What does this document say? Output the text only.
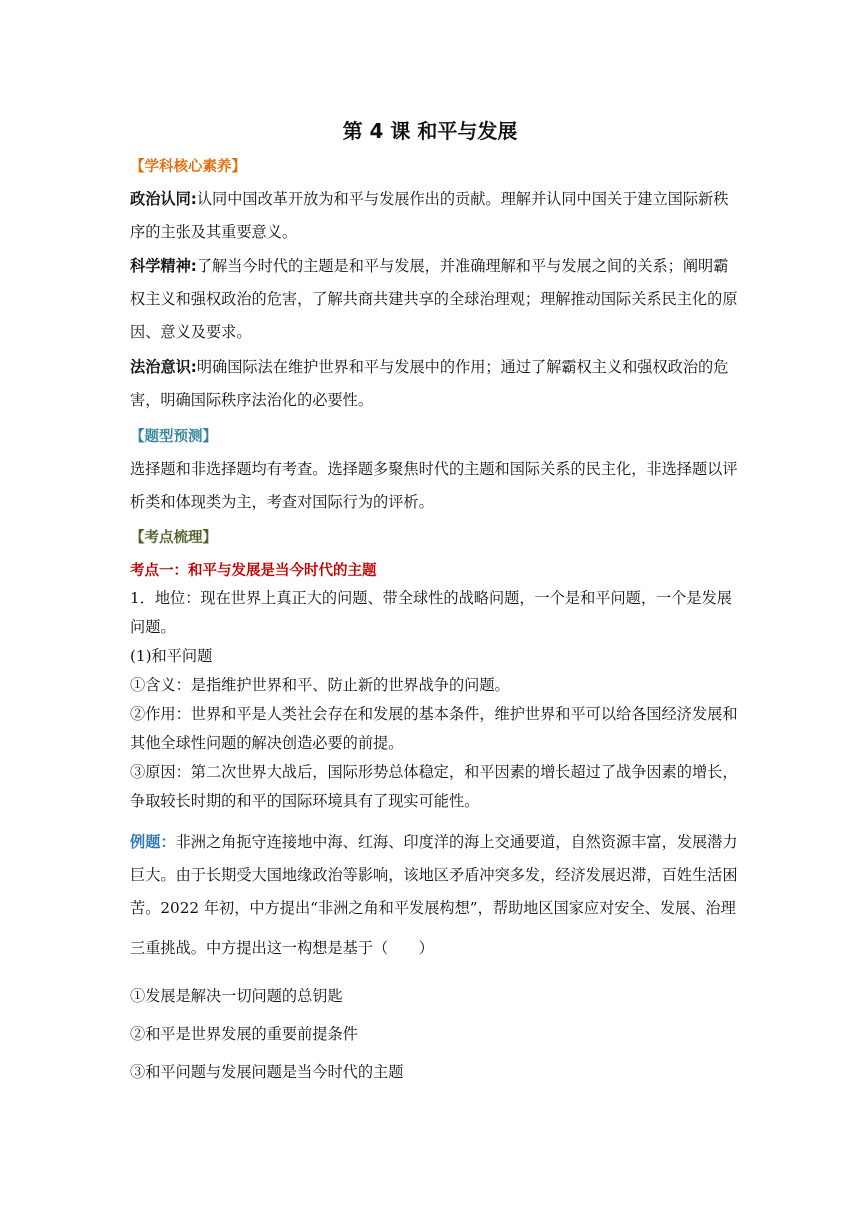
第 4 课 和平与发展
【学科核心素养】
政治认同:认同中国改革开放为和平与发展作出的贡献。理解并认同中国关于建立国际新秩序的主张及其重要意义。
科学精神:了解当今时代的主题是和平与发展，并准确理解和平与发展之间的关系；阐明霸权主义和强权政治的危害，了解共商共建共享的全球治理观；理解推动国际关系民主化的原因、意义及要求。
法治意识:明确国际法在维护世界和平与发展中的作用；通过了解霸权主义和强权政治的危害，明确国际秩序法治化的必要性。
【题型预测】
选择题和非选择题均有考查。选择题多聚焦时代的主题和国际关系的民主化，非选择题以评析类和体现类为主，考查对国际行为的评析。
【考点梳理】
考点一：和平与发展是当今时代的主题
1．地位：现在世界上真正大的问题、带全球性的战略问题，一个是和平问题，一个是发展问题。
(1)和平问题
①含义：是指维护世界和平、防止新的世界战争的问题。
②作用：世界和平是人类社会存在和发展的基本条件，维护世界和平可以给各国经济发展和其他全球性问题的解决创造必要的前提。
③原因：第二次世界大战后，国际形势总体稳定，和平因素的增长超过了战争因素的增长，争取较长时期的和平的国际环境具有了现实可能性。
例题：非洲之角扼守连接地中海、红海、印度洋的海上交通要道，自然资源丰富，发展潜力巨大。由于长期受大国地缘政治等影响，该地区矛盾冲突多发，经济发展迟滞，百姓生活困苦。2022 年初，中方提出“非洲之角和平发展构想”，帮助地区国家应对安全、发展、治理
三重挑战。中方提出这一构想是基于（　　）
①发展是解决一切问题的总钥匙
②和平是世界发展的重要前提条件
③和平问题与发展问题是当今时代的主题
